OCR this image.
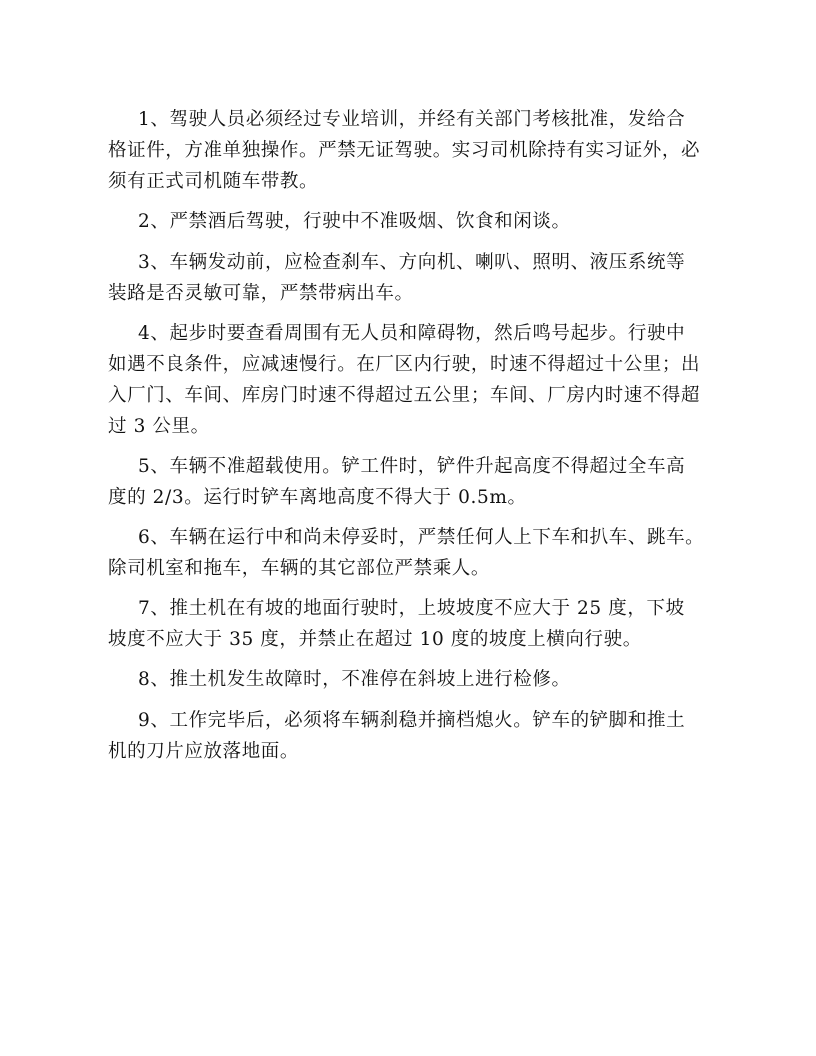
1、驾驶人员必须经过专业培训，并经有关部门考核批准，发给合
格证件，方准单独操作。严禁无证驾驶。实习司机除持有实习证外，必
须有正式司机随车带教。
2、严禁酒后驾驶，行驶中不准吸烟、饮食和闲谈。
3、车辆发动前，应检查刹车、方向机、喇叭、照明、液压系统等
装路是否灵敏可靠，严禁带病出车。
4、起步时要查看周围有无人员和障碍物，然后鸣号起步。行驶中
如遇不良条件，应减速慢行。在厂区内行驶，时速不得超过十公里；出
入厂门、车间、库房门时速不得超过五公里；车间、厂房内时速不得超
过 3 公里。
5、车辆不准超载使用。铲工件时，铲件升起高度不得超过全车高
度的 2/3。运行时铲车离地高度不得大于 0.5m。
6、车辆在运行中和尚未停妥时，严禁任何人上下车和扒车、跳车。
除司机室和拖车，车辆的其它部位严禁乘人。
7、推土机在有坡的地面行驶时，上坡坡度不应大于 25 度，下坡
坡度不应大于 35 度，并禁止在超过 10 度的坡度上横向行驶。
8、推土机发生故障时，不准停在斜坡上进行检修。
9、工作完毕后，必须将车辆刹稳并摘档熄火。铲车的铲脚和推土
机的刀片应放落地面。
